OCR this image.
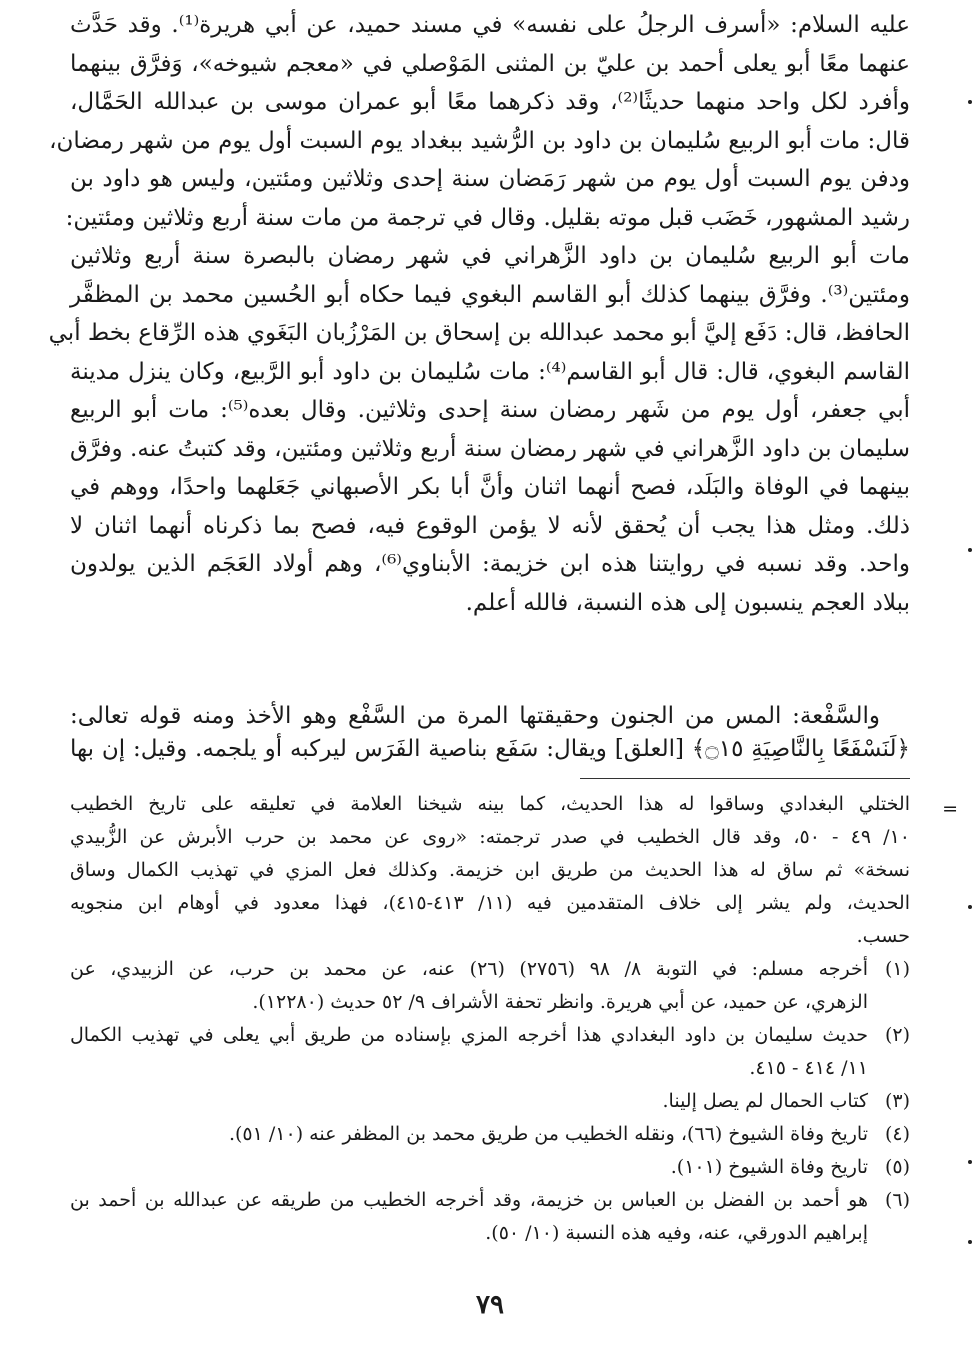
عليه السلام: «أسرف الرجلُ على نفسه» في مسند حميد، عن أبي هريرة⁽¹⁾. وقد حَدَّث
عنهما معًا أبو يعلى أحمد بن عليّ بن المثنى المَوْصلي في «معجم شيوخه»، وَفرَّق بينهما
وأفرد لكل واحد منهما حديثًا⁽²⁾، وقد ذكرهما معًا أبو عمران موسى بن عبدالله الحَمَّال،
قال: مات أبو الربيع سُليمان بن داود بن الرُّشيد ببغداد يوم السبت أول يوم من شهر رمضان،
ودفن يوم السبت أول يوم من شهر رَمَضان سنة إحدى وثلاثين ومئتين، وليس هو داود بن
رشيد المشهور، خَضَب قبل موته بقليل. وقال في ترجمة من مات سنة أربع وثلاثين ومئتين:
مات أبو الربيع سُليمان بن داود الزَّهراني في شهر رمضان بالبصرة سنة أربع وثلاثين
ومئتين⁽³⁾. وفرَّق بينهما كذلك أبو القاسم البغوي فيما حكاه أبو الحُسين محمد بن المظفَّر
الحافظ، قال: دَفَع إليَّ أبو محمد عبدالله بن إسحاق بن المَرْزُبان البَغَوي هذه الرِّقاع بخط أبي
القاسم البغوي، قال: قال أبو القاسم⁽⁴⁾: مات سُليمان بن داود أبو الرَّبيع، وكان ينزل مدينة
أبي جعفر، أول يوم من شَهر رمضان سنة إحدى وثلاثين. وقال بعده⁽⁵⁾: مات أبو الربيع
سليمان بن داود الزَّهراني في شهر رمضان سنة أربع وثلاثين ومئتين، وقد كتبتُ عنه. وفرَّق
بينهما في الوفاة والبَلَد، فصح أنهما اثنان وأنَّ أبا بكر الأصبهاني جَعَلهما واحدًا، ووهم في
ذلك. ومثل هذا يجب أن يُحقق لأنه لا يؤمن الوقوع فيه، فصح بما ذكرناه أنهما اثنان لا
واحد. وقد نسبه في روايتنا هذه ابن خزيمة: الأبناوي⁽⁶⁾، وهم أولاد العَجَم الذين يولدون
ببلاد العجم ينسبون إلى هذه النسبة، فالله أعلم.
والسَّفْعة: المس من الجنون وحقيقتها المرة من السَّفْع وهو الأخذ ومنه قوله تعالى:
﴿لَنَسْفَعًا بِالنَّاصِيَةِ ۝١٥﴾ [العلق] ويقال: سَفَع بناصية الفَرَس ليركبه أو يلجمه. وقيل: إن بها
=
الختلي البغدادي وساقوا له هذا الحديث، كما بينه شيخنا العلامة في تعليقه على تاريخ الخطيب
١٠/ ٤٩ - ٥٠، وقد قال الخطيب في صدر ترجمته: «روى عن محمد بن حرب الأبرش عن الزُّبيدي
نسخة» ثم ساق له هذا الحديث من طريق ابن خزيمة. وكذلك فعل المزي في تهذيب الكمال وساق
الحديث، ولم يشر إلى خلاف المتقدمين فيه (١١/ ٤١٣-٤١٥)، فهذا معدود في أوهام ابن منجويه
حسب.
(١)
أخرجه مسلم: في التوبة ٨/ ٩٨ (٢٧٥٦) (٢٦) عنه، عن محمد بن حرب، عن الزبيدي، عن
الزهري، عن حميد، عن أبي هريرة. وانظر تحفة الأشراف ٩/ ٥٢ حديث (١٢٢٨٠).
(٢)
حديث سليمان بن داود البغدادي هذا أخرجه المزي بإسناده من طريق أبي يعلى في تهذيب الكمال
١١/ ٤١٤ - ٤١٥.
(٣)
كتاب الحمال لم يصل إلينا.
(٤)
تاريخ وفاة الشيوخ (٦٦)، ونقله الخطيب من طريق محمد بن المظفر عنه (١٠/ ٥١).
(٥)
تاريخ وفاة الشيوخ (١٠١).
(٦)
هو أحمد بن الفضل بن العباس بن خزيمة، وقد أخرجه الخطيب من طريقه عن عبدالله بن أحمد بن
إبراهيم الدورقي، عنه، وفيه هذه النسبة (١٠/ ٥٠).
٧٩
